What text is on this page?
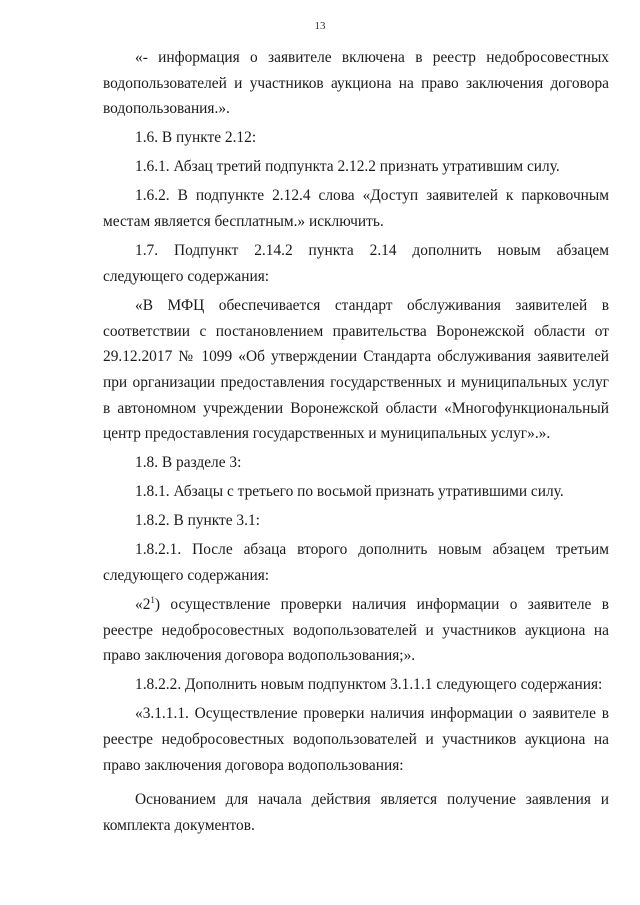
13

«- информация о заявителе включена в реестр недобросовестных водопользователей и участников аукциона на право заключения договора водопользования.».

1.6. В пункте 2.12:

1.6.1. Абзац третий подпункта 2.12.2 признать утратившим силу.

1.6.2. В подпункте 2.12.4 слова «Доступ заявителей к парковочным местам является бесплатным.» исключить.

1.7. Подпункт 2.14.2 пункта 2.14 дополнить новым абзацем следующего содержания:

«В МФЦ обеспечивается стандарт обслуживания заявителей в соответствии с постановлением правительства Воронежской области от 29.12.2017 № 1099 «Об утверждении Стандарта обслуживания заявителей при организации предоставления государственных и муниципальных услуг в автономном учреждении Воронежской области «Многофункциональный центр предоставления государственных и муниципальных услуг».».

1.8. В разделе 3:

1.8.1. Абзацы с третьего по восьмой признать утратившими силу.

1.8.2. В пункте 3.1:

1.8.2.1. После абзаца второго дополнить новым абзацем третьим следующего содержания:

«$2^1$) осуществление проверки наличия информации о заявителе в реестре недобросовестных водопользователей и участников аукциона на право заключения договора водопользования;».

1.8.2.2. Дополнить новым подпунктом 3.1.1.1 следующего содержания:

«3.1.1.1. Осуществление проверки наличия информации о заявителе в реестре недобросовестных водопользователей и участников аукциона на право заключения договора водопользования:

Основанием для начала действия является получение заявления и комплекта документов.
